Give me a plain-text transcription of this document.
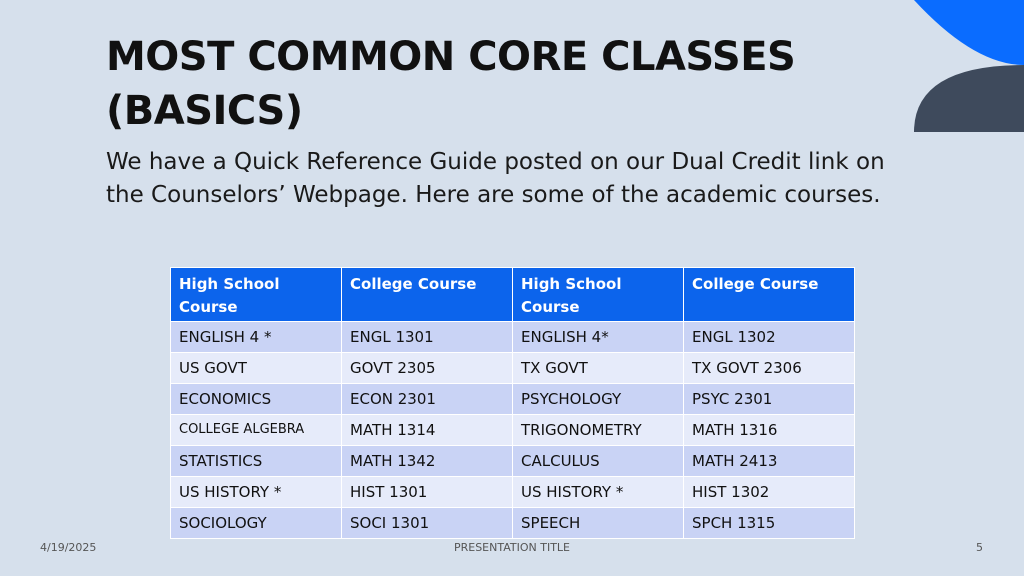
MOST COMMON CORE CLASSES (BASICS)

We have a Quick Reference Guide posted on our Dual Credit link on the Counselors’ Webpage. Here are some of the academic courses.

High School Course	College Course	High School Course	College Course
ENGLISH 4 *	ENGL 1301	ENGLISH 4*	ENGL 1302
US GOVT	GOVT 2305	TX GOVT	TX GOVT 2306
ECONOMICS	ECON 2301	PSYCHOLOGY	PSYC 2301
COLLEGE ALGEBRA	MATH 1314	TRIGONOMETRY	MATH 1316
STATISTICS	MATH 1342	CALCULUS	MATH 2413
US HISTORY *	HIST 1301	US HISTORY *	HIST 1302
SOCIOLOGY	SOCI 1301	SPEECH	SPCH 1315

4/19/2025	PRESENTATION TITLE	5
